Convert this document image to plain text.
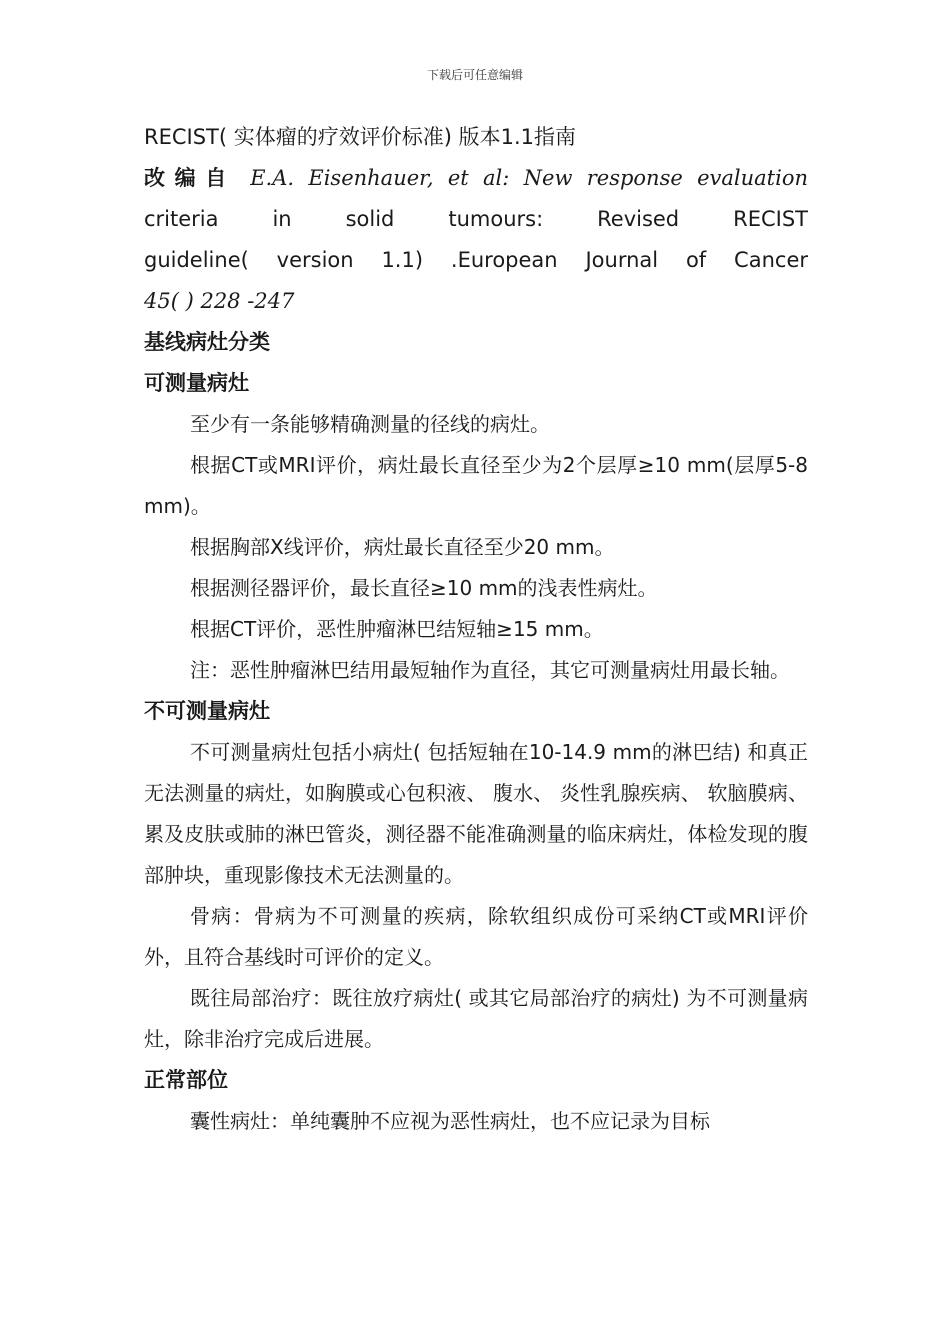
下载后可任意编辑
RECIST( 实体瘤的疗效评价标准) 版本1.1指南
改编自 E.A. Eisenhauer, et al: New response evaluation
criteria in solid tumours: Revised RECIST
guideline( version 1.1) .European Journal of Cancer
45( ) 228 -247
基线病灶分类
可测量病灶
至少有一条能够精确测量的径线的病灶。
根据CT或MRI评价，病灶最长直径至少为2个层厚≥10 mm(层厚5-8 mm)。
根据胸部X线评价，病灶最长直径至少20 mm。
根据测径器评价，最长直径≥10 mm的浅表性病灶。
根据CT评价，恶性肿瘤淋巴结短轴≥15 mm。
注：恶性肿瘤淋巴结用最短轴作为直径，其它可测量病灶用最长轴。
不可测量病灶
不可测量病灶包括小病灶( 包括短轴在10-14.9 mm的淋巴结) 和真正无法测量的病灶，如胸膜或心包积液、 腹水、 炎性乳腺疾病、 软脑膜病、 累及皮肤或肺的淋巴管炎，测径器不能准确测量的临床病灶，体检发现的腹部肿块，重现影像技术无法测量的。
骨病：骨病为不可测量的疾病，除软组织成份可采纳CT或MRI评价外，且符合基线时可评价的定义。
既往局部治疗：既往放疗病灶( 或其它局部治疗的病灶) 为不可测量病灶，除非治疗完成后进展。
正常部位
囊性病灶：单纯囊肿不应视为恶性病灶，也不应记录为目标
